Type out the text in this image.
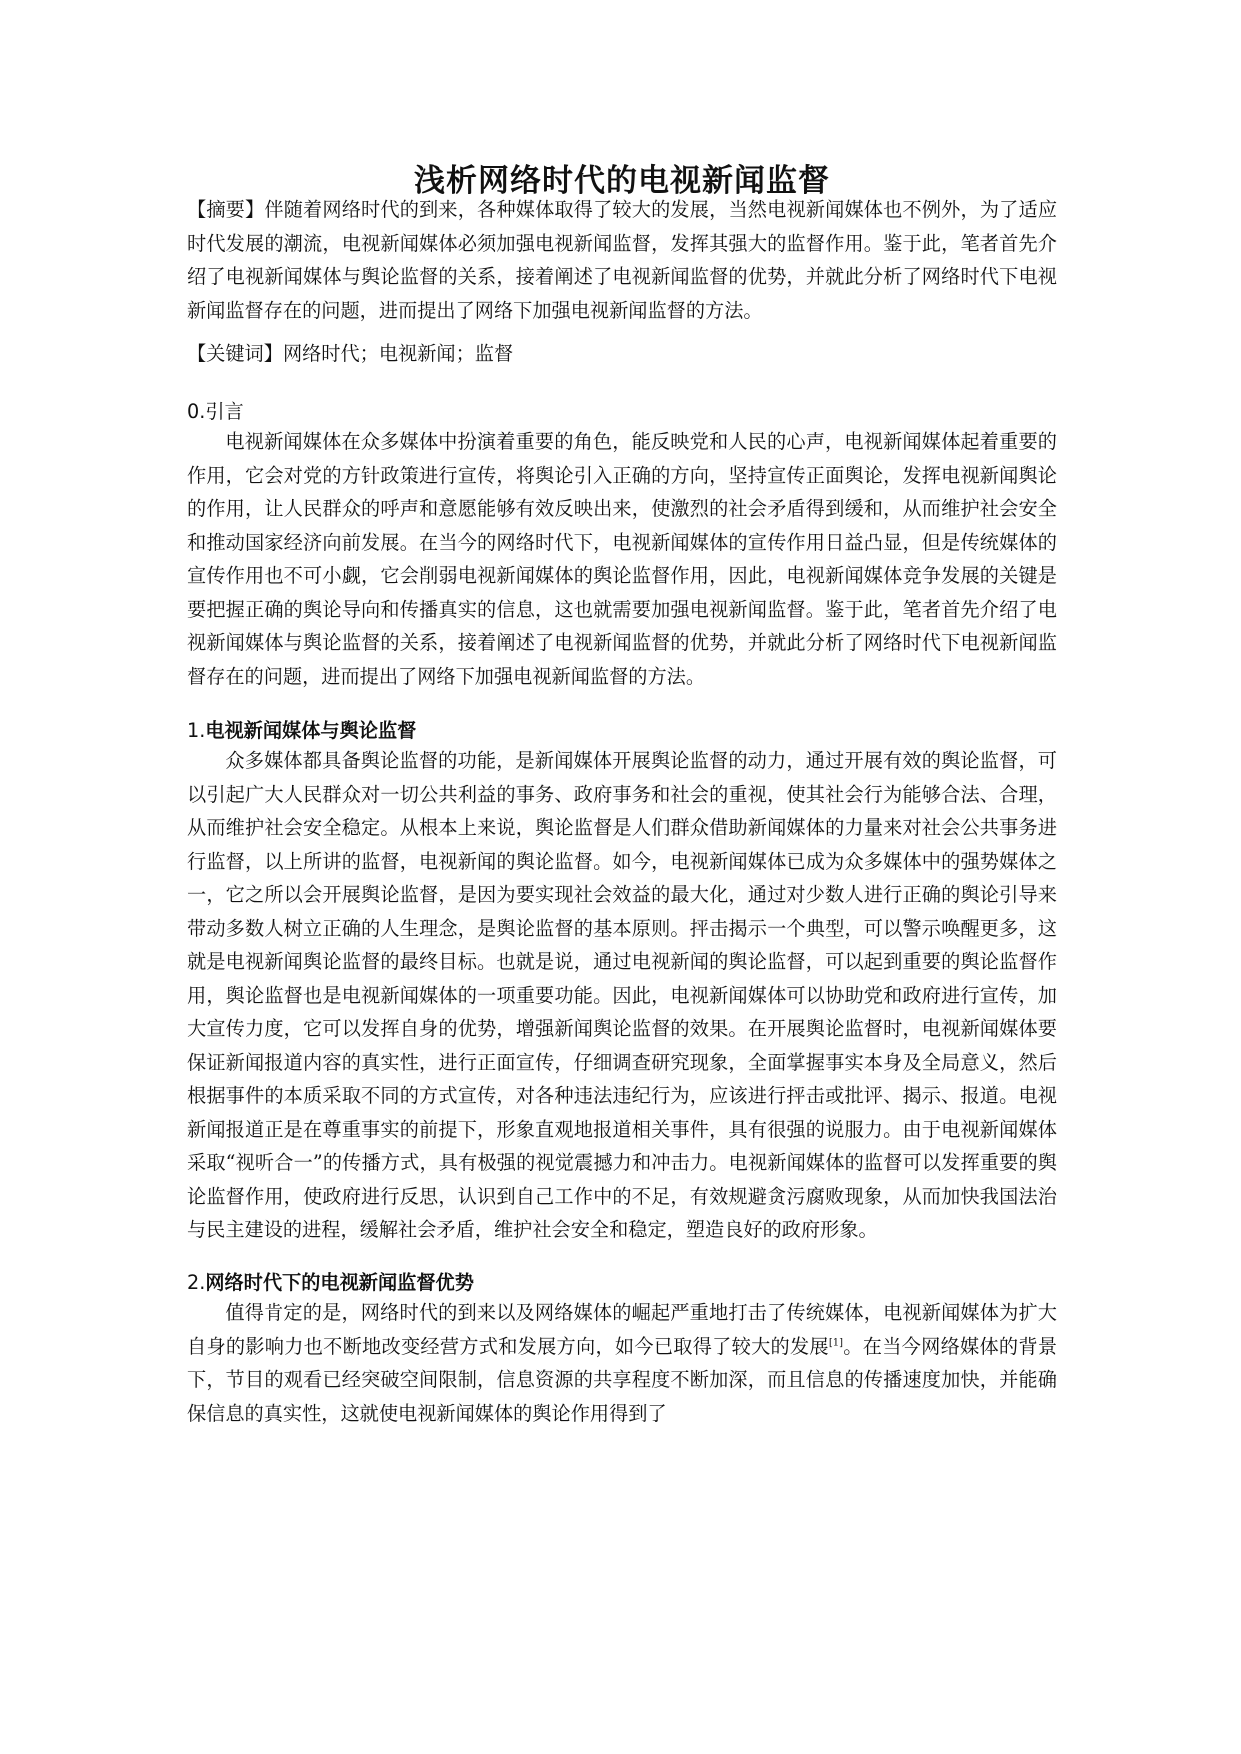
浅析网络时代的电视新闻监督

【摘要】伴随着网络时代的到来，各种媒体取得了较大的发展，当然电视新闻媒体也不例外，为了适应时代发展的潮流，电视新闻媒体必须加强电视新闻监督，发挥其强大的监督作用。鉴于此，笔者首先介绍了电视新闻媒体与舆论监督的关系，接着阐述了电视新闻监督的优势，并就此分析了网络时代下电视新闻监督存在的问题，进而提出了网络下加强电视新闻监督的方法。

【关键词】网络时代；电视新闻；监督

0.引言

电视新闻媒体在众多媒体中扮演着重要的角色，能反映党和人民的心声，电视新闻媒体起着重要的作用，它会对党的方针政策进行宣传，将舆论引入正确的方向，坚持宣传正面舆论，发挥电视新闻舆论的作用，让人民群众的呼声和意愿能够有效反映出来，使激烈的社会矛盾得到缓和，从而维护社会安全和推动国家经济向前发展。在当今的网络时代下，电视新闻媒体的宣传作用日益凸显，但是传统媒体的宣传作用也不可小觑，它会削弱电视新闻媒体的舆论监督作用，因此，电视新闻媒体竞争发展的关键是要把握正确的舆论导向和传播真实的信息，这也就需要加强电视新闻监督。鉴于此，笔者首先介绍了电视新闻媒体与舆论监督的关系，接着阐述了电视新闻监督的优势，并就此分析了网络时代下电视新闻监督存在的问题，进而提出了网络下加强电视新闻监督的方法。

1.电视新闻媒体与舆论监督

众多媒体都具备舆论监督的功能，是新闻媒体开展舆论监督的动力，通过开展有效的舆论监督，可以引起广大人民群众对一切公共利益的事务、政府事务和社会的重视，使其社会行为能够合法、合理，从而维护社会安全稳定。从根本上来说，舆论监督是人们群众借助新闻媒体的力量来对社会公共事务进行监督，以上所讲的监督，电视新闻的舆论监督。如今，电视新闻媒体已成为众多媒体中的强势媒体之一，它之所以会开展舆论监督，是因为要实现社会效益的最大化，通过对少数人进行正确的舆论引导来带动多数人树立正确的人生理念，是舆论监督的基本原则。抨击揭示一个典型，可以警示唤醒更多，这就是电视新闻舆论监督的最终目标。也就是说，通过电视新闻的舆论监督，可以起到重要的舆论监督作用，舆论监督也是电视新闻媒体的一项重要功能。因此，电视新闻媒体可以协助党和政府进行宣传，加大宣传力度，它可以发挥自身的优势，增强新闻舆论监督的效果。在开展舆论监督时，电视新闻媒体要保证新闻报道内容的真实性，进行正面宣传，仔细调查研究现象，全面掌握事实本身及全局意义，然后根据事件的本质采取不同的方式宣传，对各种违法违纪行为，应该进行抨击或批评、揭示、报道。电视新闻报道正是在尊重事实的前提下，形象直观地报道相关事件，具有很强的说服力。由于电视新闻媒体采取“视听合一”的传播方式，具有极强的视觉震撼力和冲击力。电视新闻媒体的监督可以发挥重要的舆论监督作用，使政府进行反思，认识到自己工作中的不足，有效规避贪污腐败现象，从而加快我国法治与民主建设的进程，缓解社会矛盾，维护社会安全和稳定，塑造良好的政府形象。

2.网络时代下的电视新闻监督优势

值得肯定的是，网络时代的到来以及网络媒体的崛起严重地打击了传统媒体，电视新闻媒体为扩大自身的影响力也不断地改变经营方式和发展方向，如今已取得了较大的发展[1]。在当今网络媒体的背景下，节目的观看已经突破空间限制，信息资源的共享程度不断加深，而且信息的传播速度加快，并能确保信息的真实性，这就使电视新闻媒体的舆论作用得到了
